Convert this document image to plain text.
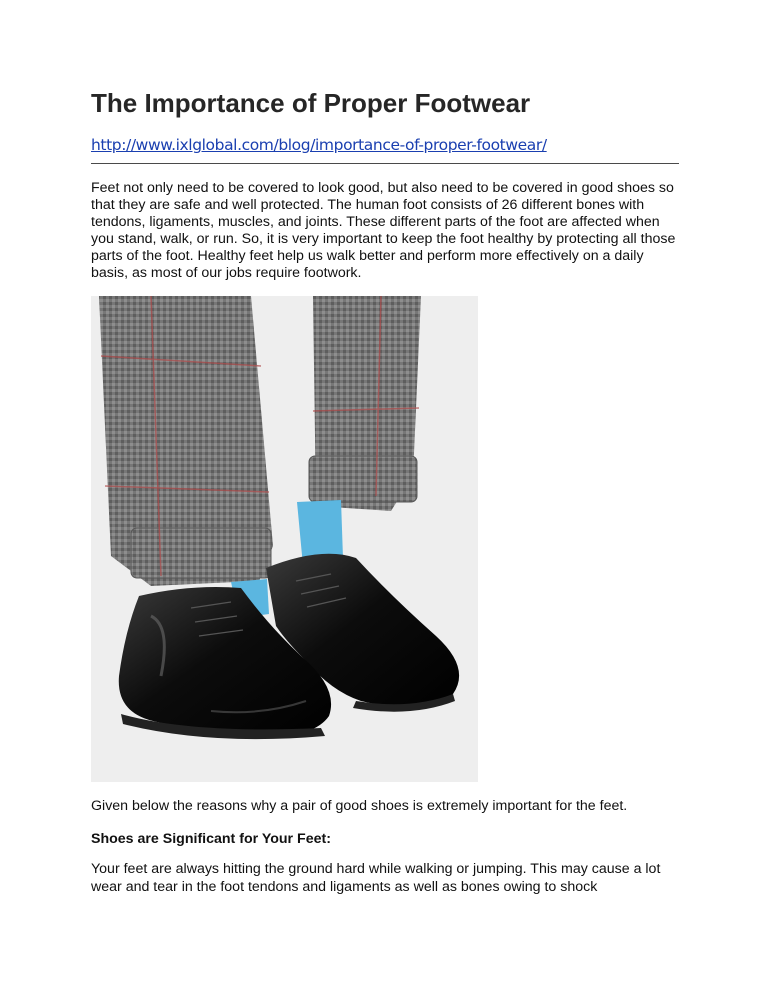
The Importance of Proper Footwear
http://www.ixlglobal.com/blog/importance-of-proper-footwear/

Feet not only need to be covered to look good, but also need to be covered in good shoes so that they are safe and well protected. The human foot consists of 26 different bones with tendons, ligaments, muscles, and joints. These different parts of the foot are affected when you stand, walk, or run. So, it is very important to keep the foot healthy by protecting all those parts of the foot. Healthy feet help us walk better and perform more effectively on a daily basis, as most of our jobs require footwork.

Given below the reasons why a pair of good shoes is extremely important for the feet.

Shoes are Significant for Your Feet:

Your feet are always hitting the ground hard while walking or jumping. This may cause a lot wear and tear in the foot tendons and ligaments as well as bones owing to shock
